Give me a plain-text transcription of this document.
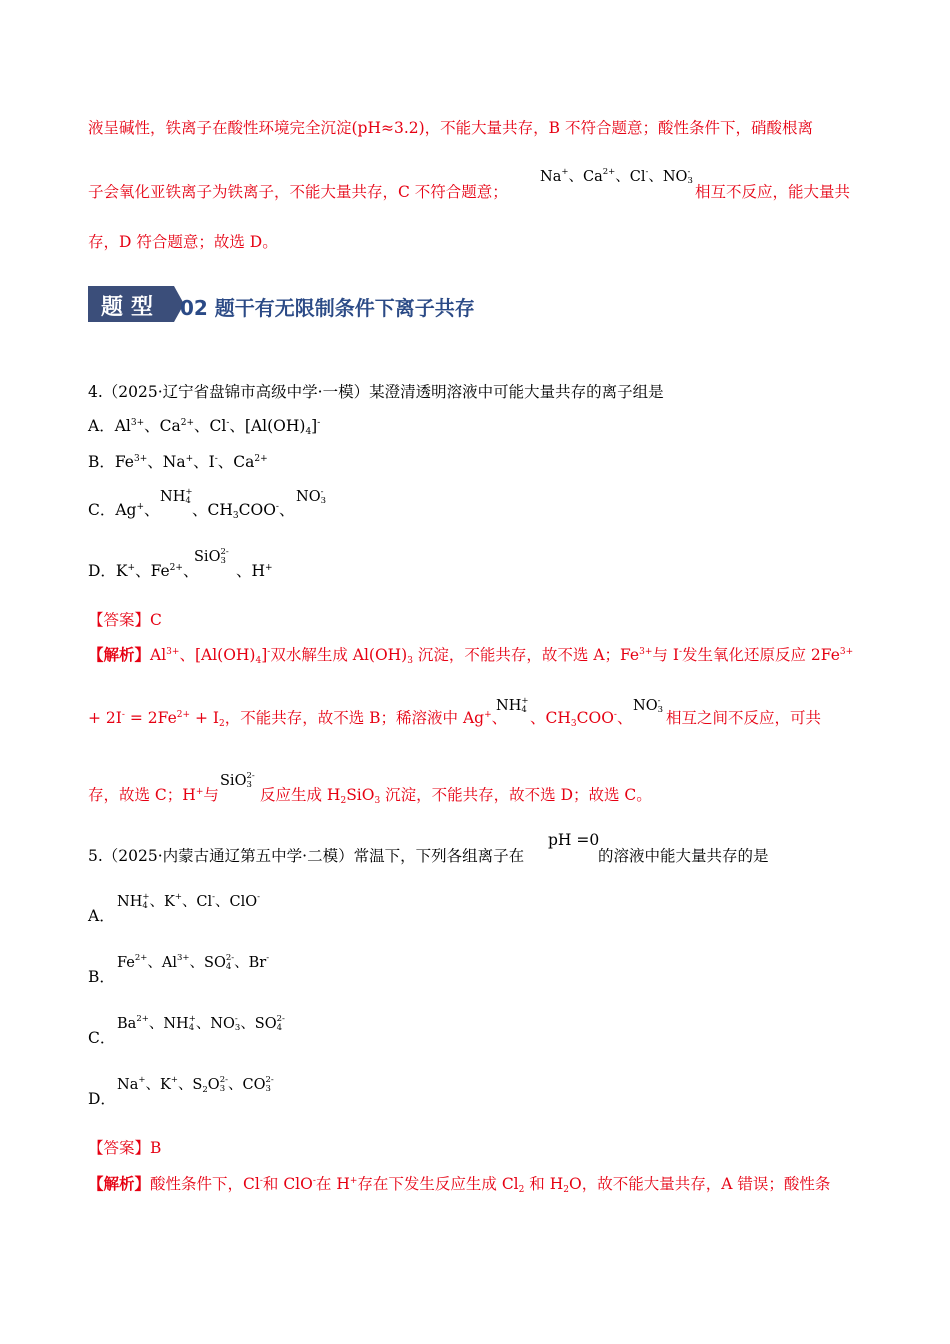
液呈碱性，铁离子在酸性环境完全沉淀(pH≈3.2)，不能大量共存，B 不符合题意；酸性条件下，硝酸根离
子会氧化亚铁离子为铁离子，不能大量共存，C 不符合题意；
Na+、$Ca^{2+}$、Cl-、NO -
3
相互不反应，能大量共
存，D 符合题意；故选 D。
题型 02 题干有无限制条件下离子共存
4.（2025·辽宁省盘锦市高级中学·一模）某澄清透明溶液中可能大量共存的离子组是
A．$Al^{3+}$、$Ca^{2+}$、Cl-、$[Al(OH)_4]^-$
B．$Fe^{3+}$、Na+、I-、$Ca^{2+}$
C．Ag+、
NH +
4 、$CH_3COO^-$、
NO -
3
D．K+、$Fe^{2+}$、
SiO 2-
3
、H+
【答案】C
【解析】$Al^{3+}$、$[Al(OH)_4]^-$双水解生成 $Al(OH)_3$ 沉淀，不能共存，故不选 A；$Fe^{3+}$与 I-发生氧化还原反应 $2Fe^{3+}$
+ $2I^- = 2Fe^{2+} + I_2$，不能共存，故不选 B；稀溶液中 Ag+、
NH +
4 、$CH_3COO^-$、
NO -
3 相互之间不反应，可共
存，故选 C；H+与
SiO 2-
3
反应生成 $H_2SiO_3$ 沉淀，不能共存，故不选 D；故选 C。
5.（2025·内蒙古通辽第五中学·二模）常温下，下列各组离子在
pH =0
的溶液中能大量共存的是
A．
NH +
4 、K+、Cl-、ClO-
B．
$Fe^{2+}$、$Al^{3+}$、SO 2-
4 、Br-
C．
$Ba^{2+}$、NH +
4 、NO -
3 、SO 2-
4
D．
Na+、K+、$S_2O$ 2-
3 、CO 2-
3
【答案】B
【解析】酸性条件下，Cl-和 ClO-在 H+存在下发生反应生成 $Cl_2$ 和 $H_2O$，故不能大量共存，A 错误；酸性条
